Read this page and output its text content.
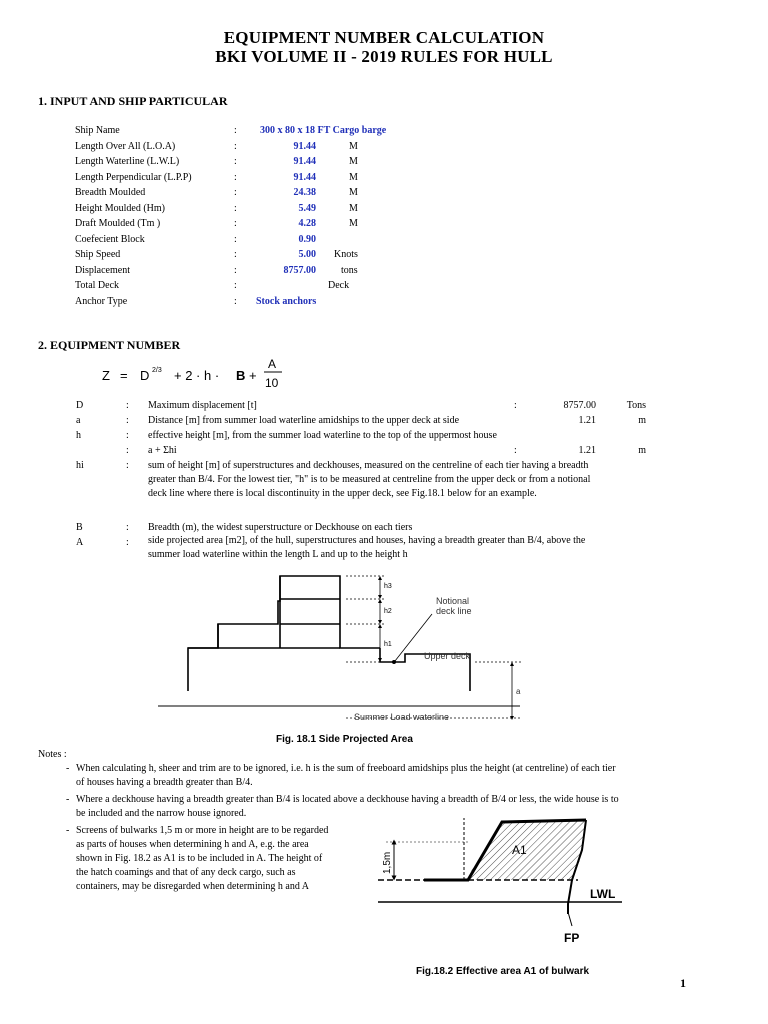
EQUIPMENT NUMBER CALCULATION
BKI VOLUME II - 2019 RULES FOR HULL
1. INPUT AND SHIP PARTICULAR
Ship Name	: 300 x 80 x 18 FT Cargo barge
Length Over All (L.O.A)	:	91.44	M
Length Waterline (L.W.L)	:	91.44	M
Length Perpendicular (L.P.P)	:	91.44	M
Breadth Moulded	:	24.38	M
Height Moulded (Hm)	:	5.49	M
Draft Moulded (Tm )	:	4.28	M
Coefecient Block	:	0.90
Ship Speed	:	5.00 Knots
Displacement	:	8757.00	tons
Total Deck	:	Deck
Anchor Type	: Stock anchors
2. EQUIPMENT NUMBER
Z = D 2/3 + 2 · h · B +
A
10
D	: Maximum displacement [t]	:	8757.00	Tons
a	: Distance [m] from summer load waterline amidships to the upper deck at side	1.21	m
h	: effective height [m], from the summer load waterline to the top of the uppermost house
: a + Σhi	:	1.21	m
hi	: sum of height [m] of superstructures and deckhouses, measured on the centreline of each tier having a breadth
greater than B/4. For the lowest tier, "h" is to be measured at centreline from the upper deck or from a notional
deck line where there is local discontinuity in the upper deck, see Fig.18.1 below for an example.
B	: Breadth (m), the widest superstructure or Deckhouse on each tiers
A	: side projected area [m2], of the hull, superstructures and houses, having a breadth greater than B/4, above the
summer load waterline within the length L and up to the height h
h3
h2
h1
Notional
deck line
Upper deck
a
Summer Load waterline
Fig. 18.1 Side Projected Area
Notes :
- When calculating h, sheer and trim are to be ignored, i.e. h is the sum of freeboard amidships plus the height (at centreline) of each tier
of houses having a breadth greater than B/4.
- Where a deckhouse having a breadth greater than B/4 is located above a deckhouse having a breadth of B/4 or less, the wide house is to
be included and the narrow house ignored.
- Screens of bulwarks 1,5 m or more in height are to be regarded
as parts of houses when determining h and A, e.g. the area
shown in Fig. 18.2 as A1 is to be included in A. The height of
the hatch coamings and that of any deck cargo, such as
containers, may be disregarded when determining h and A
A1
1,5m
LWL
FP
Fig.18.2 Effective area A1 of bulwark
1
